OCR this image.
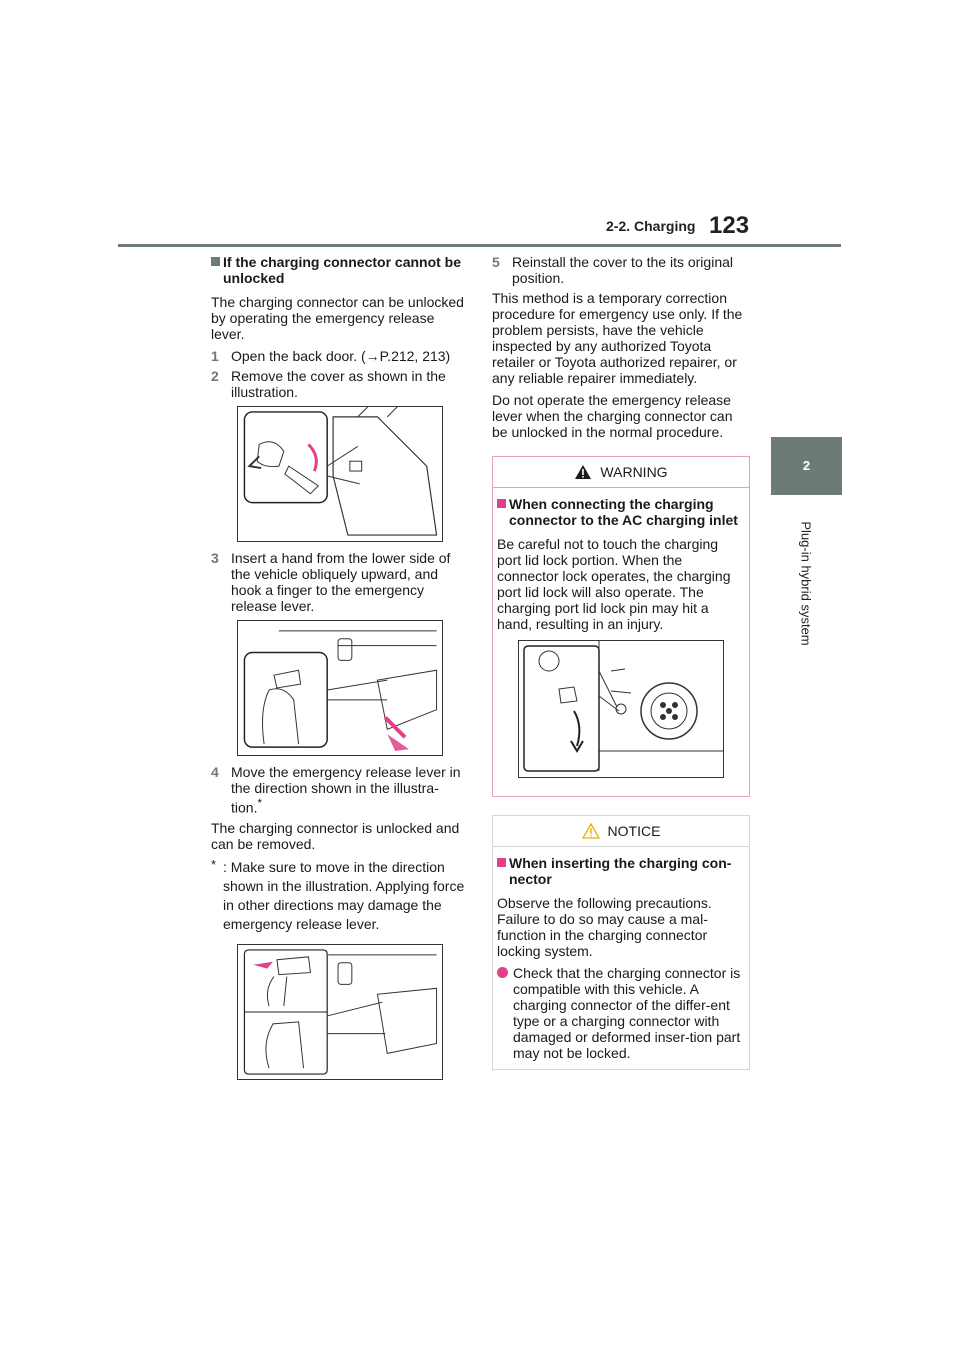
2-2. Charging 123
2
Plug-in hybrid system
If the charging connector cannot be unlocked

The charging connector can be unlocked by operating the emergency release lever.

1 Open the back door. (→P.212, 213)
2 Remove the cover as shown in the illustration.
3 Insert a hand from the lower side of the vehicle obliquely upward, and hook a finger to the emergency release lever.
4 Move the emergency release lever in the direction shown in the illustra-tion.*

The charging connector is unlocked and can be removed.

* : Make sure to move in the direction shown in the illustration. Applying force in other directions may damage the emergency release lever.

5 Reinstall the cover to the its original position.

This method is a temporary correction procedure for emergency use only. If the problem persists, have the vehicle inspected by any authorized Toyota retailer or Toyota authorized repairer, or any reliable repairer immediately.

Do not operate the emergency release lever when the charging connector can be unlocked in the normal procedure.

WARNING
When connecting the charging connector to the AC charging inlet

Be careful not to touch the charging port lid lock portion. When the connector lock operates, the charging port lid lock will also operate. The charging port lid lock pin may hit a hand, resulting in an injury.

NOTICE
When inserting the charging con-nector

Observe the following precautions. Failure to do so may cause a mal-function in the charging connector locking system.

Check that the charging connector is compatible with this vehicle. A charging connector of the differ-ent type or a charging connector with damaged or deformed inser-tion part may not be locked.
